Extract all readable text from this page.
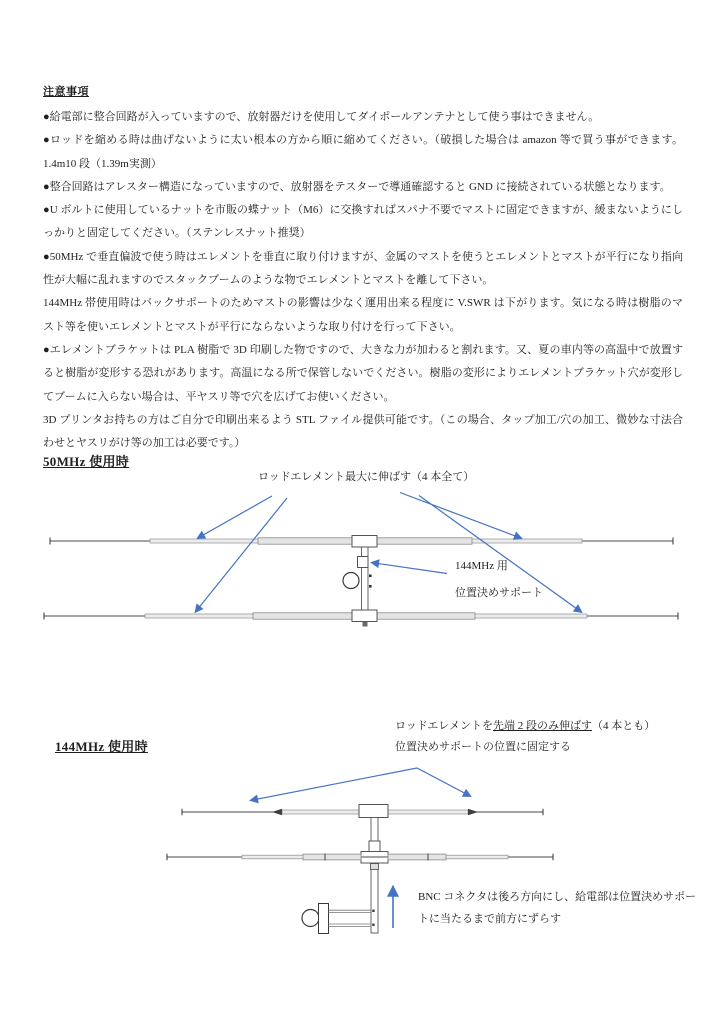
注意事項

●給電部に整合回路が入っていますので、放射器だけを使用してダイポールアンテナとして使う事はできません。

●ロッドを縮める時は曲げないように太い根本の方から順に縮めてください。（破損した場合は amazon 等で買う事ができます。1.4m10 段（1.39m実測）

●整合回路はアレスター構造になっていますので、放射器をテスターで導通確認すると GND に接続されている状態となります。

●U ボルトに使用しているナットを市販の蝶ナット（M6）に交換すればスパナ不要でマストに固定できますが、緩まないようにしっかりと固定してください。（ステンレスナット推奨）

●50MHz で垂直偏波で使う時はエレメントを垂直に取り付けますが、金属のマストを使うとエレメントとマストが平行になり指向性が大幅に乱れますのでスタックブームのような物でエレメントとマストを離して下さい。

144MHz 帯使用時はバックサポートのためマストの影響は少なく運用出来る程度に V.SWR は下がります。気になる時は樹脂のマスト等を使いエレメントとマストが平行にならないような取り付けを行って下さい。

●エレメントブラケットは PLA 樹脂で 3D 印刷した物ですので、大きな力が加わると割れます。又、夏の車内等の高温中で放置すると樹脂が変形する恐れがあります。高温になる所で保管しないでください。樹脂の変形によりエレメントブラケット穴が変形してブームに入らない場合は、平ヤスリ等で穴を広げてお使いください。

3D プリンタお持ちの方はご自分で印刷出来るよう STL ファイル提供可能です。（この場合、タップ加工/穴の加工、微妙な寸法合わせとヤスリがけ等の加工は必要です。）

50MHz 使用時
ロッドエレメント最大に伸ばす（4 本全て）
144MHz 用
位置決めサポート
144MHz 使用時
ロッドエレメントを先端 2 段のみ伸ばす（4 本とも）
位置決めサポートの位置に固定する
BNC コネクタは後ろ方向にし、給電部は位置決めサポー
トに当たるまで前方にずらす
